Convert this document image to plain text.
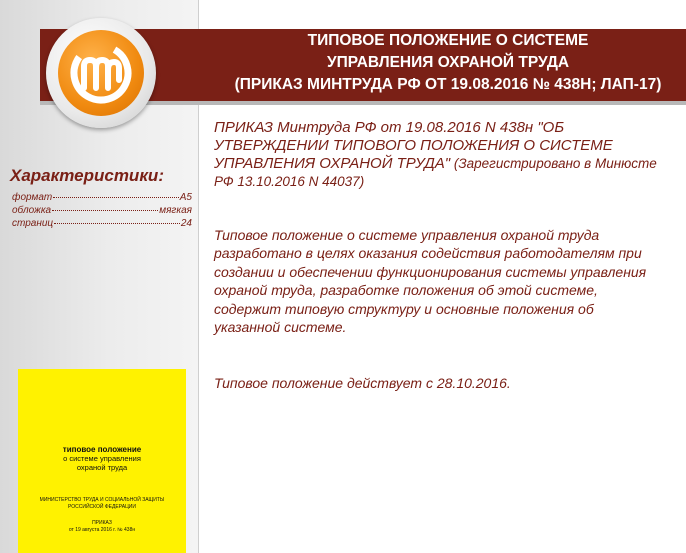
ТИПОВОЕ ПОЛОЖЕНИЕ О СИСТЕМЕ
УПРАВЛЕНИЯ ОХРАНОЙ ТРУДА
(ПРИКАЗ МИНТРУДА РФ ОТ 19.08.2016 № 438Н; ЛАП-17)
Характеристики:
формат	А5
обложка	мягкая
страниц	24
типовое положение
о системе управления
охраной труда
МИНИСТЕРСТВО ТРУДА И СОЦИАЛЬНОЙ ЗАЩИТЫ
РОССИЙСКОЙ ФЕДЕРАЦИИ
ПРИКАЗ
от 19 августа 2016 г. № 438н

ПРИКАЗ Минтруда РФ от 19.08.2016 N 438н "ОБ УТВЕРЖДЕНИИ ТИПОВОГО ПОЛОЖЕНИЯ О СИСТЕМЕ УПРАВЛЕНИЯ ОХРАНОЙ ТРУДА" (Зарегистрировано в Минюсте РФ 13.10.2016 N 44037)

Типовое положение о системе управления охраной труда разработано в целях оказания содействия работодателям при создании и обеспечении функционирования системы управления охраной труда, разработке положения об этой системе, содержит типовую структуру и основные положения об указанной системе.

Типовое положение действует с 28.10.2016.
